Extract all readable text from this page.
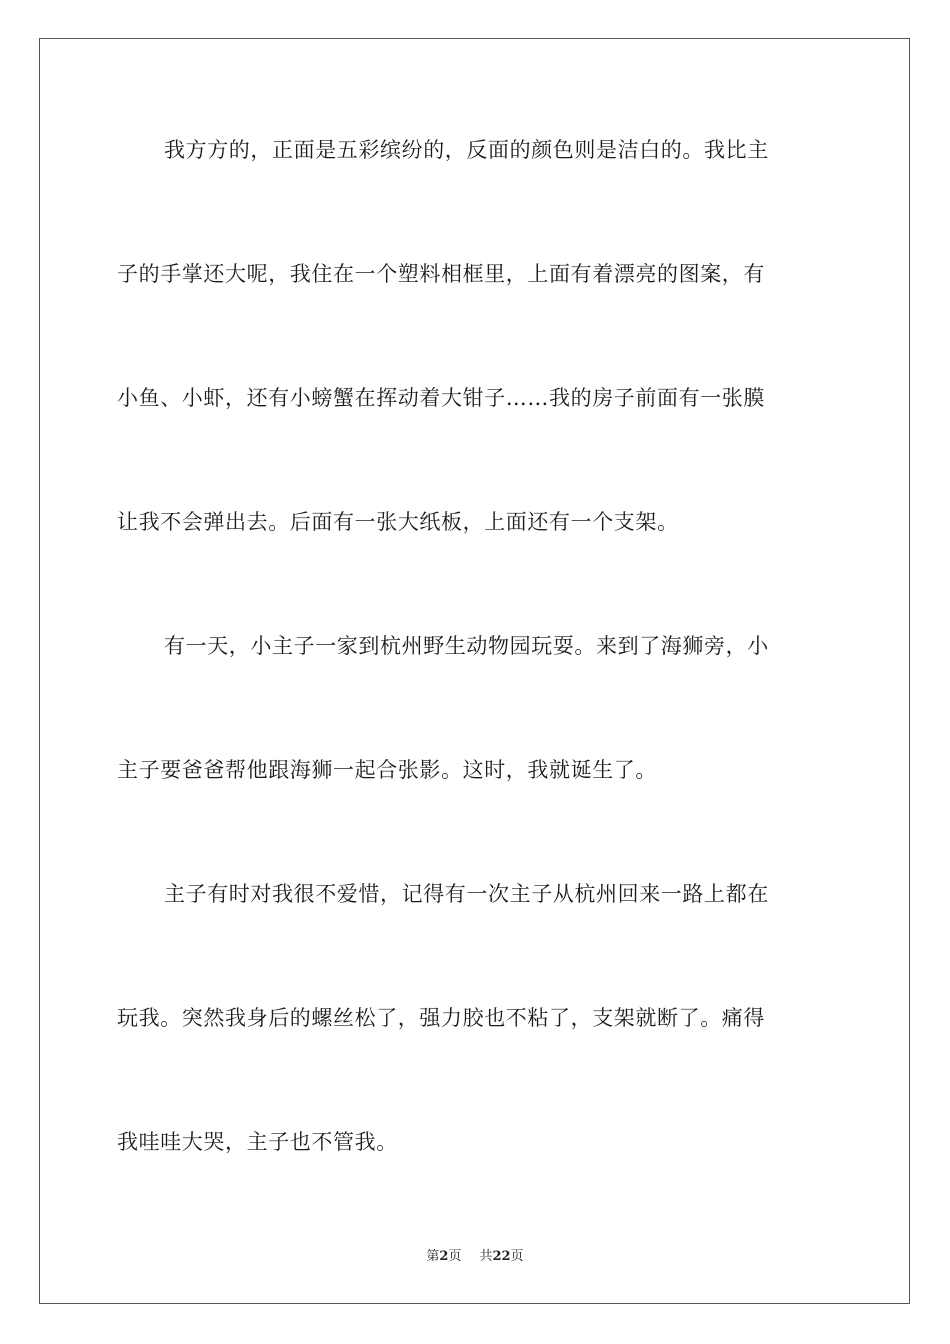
我方方的，正面是五彩缤纷的，反面的颜色则是洁白的。我比主
子的手掌还大呢，我住在一个塑料相框里，上面有着漂亮的图案，有
小鱼、小虾，还有小螃蟹在挥动着大钳子……我的房子前面有一张膜
让我不会弹出去。后面有一张大纸板，上面还有一个支架。
有一天，小主子一家到杭州野生动物园玩耍。来到了海狮旁，小
主子要爸爸帮他跟海狮一起合张影。这时，我就诞生了。
主子有时对我很不爱惜，记得有一次主子从杭州回来一路上都在
玩我。突然我身后的螺丝松了，强力胶也不粘了，支架就断了。痛得
我哇哇大哭，主子也不管我。
第2页 共22页
